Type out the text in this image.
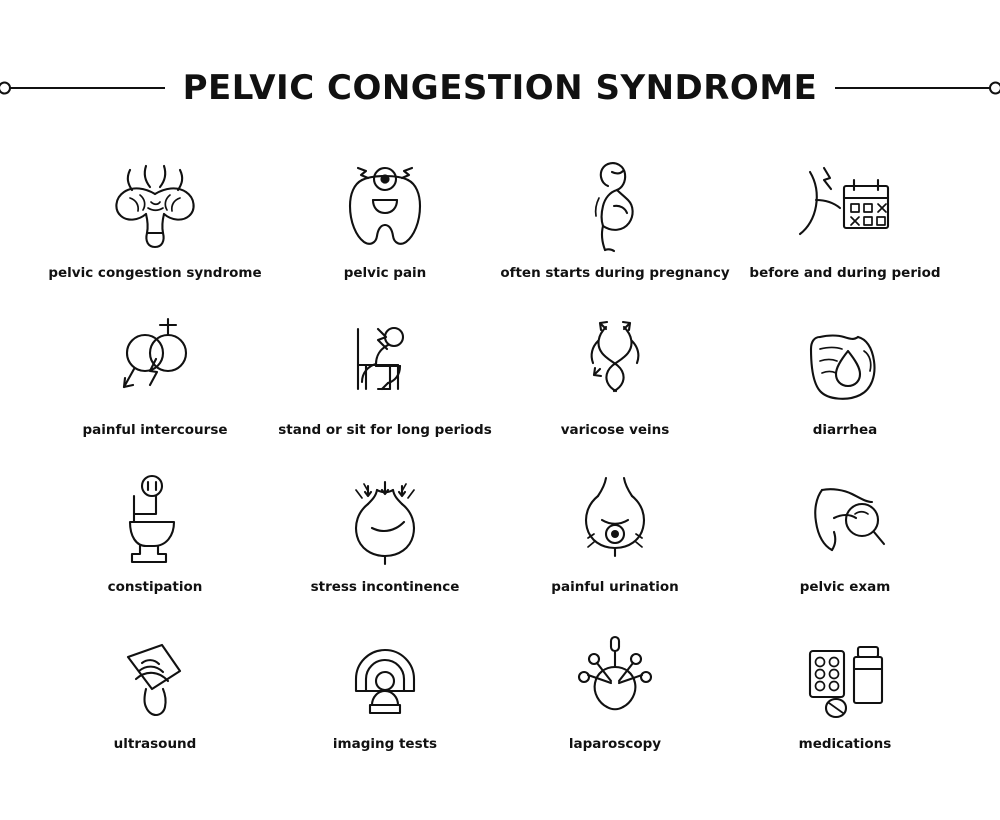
PELVIC CONGESTION SYNDROME
pelvic congestion syndrome	pelvic pain	often starts during pregnancy before and during period
painful intercourse	stand or sit for long periods	varicose veins	diarrhea
constipation	stress incontinence	painful urination	pelvic exam
ultrasound	imaging tests	laparoscopy	medications
